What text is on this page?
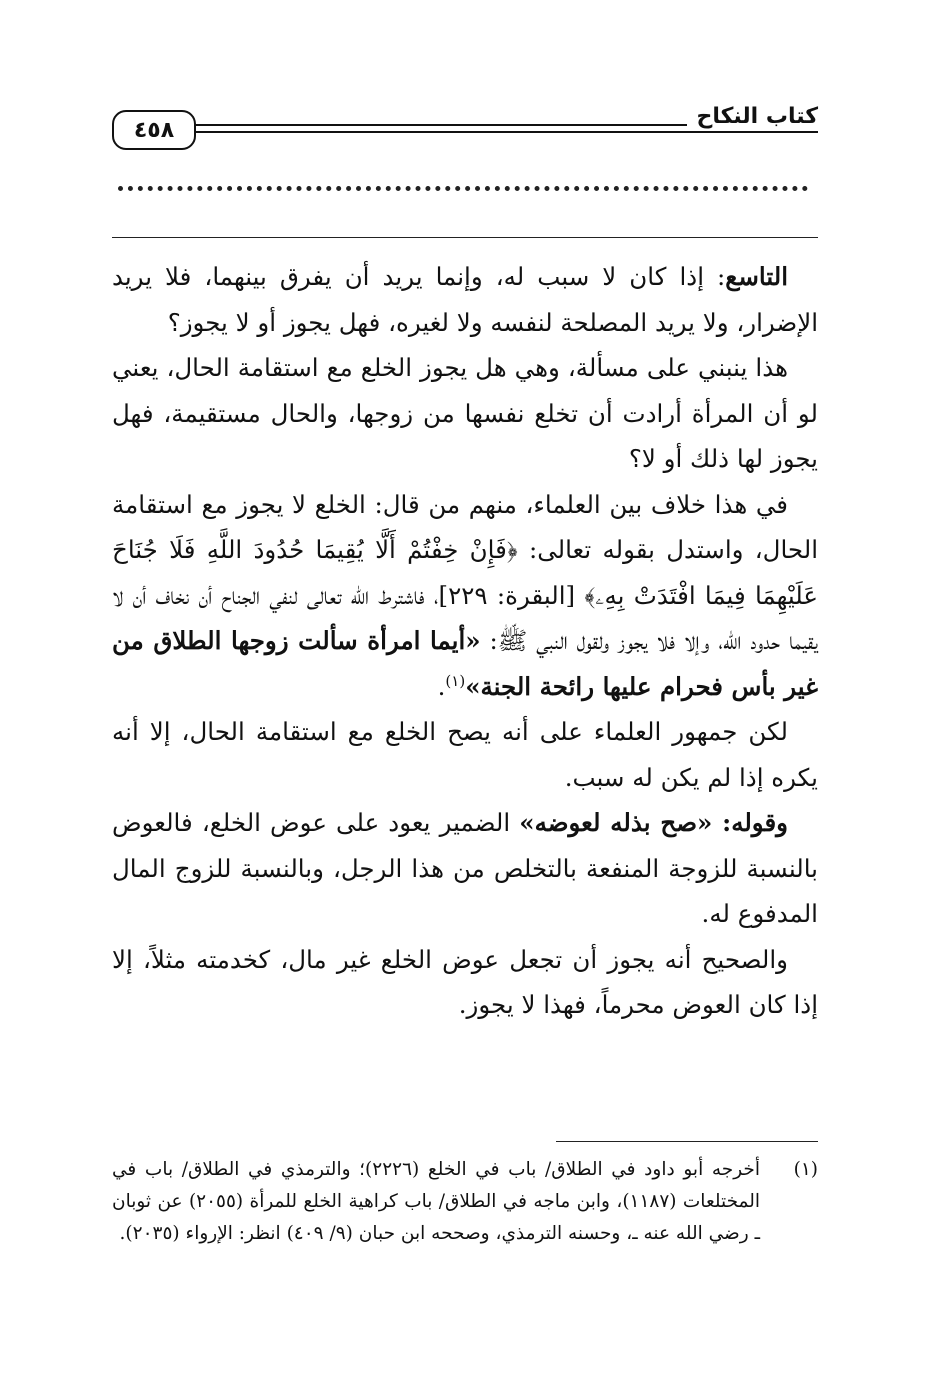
كتاب النكاح
٤٥٨

التاسع: إذا كان لا سبب له، وإنما يريد أن يفرق بينهما، فلا يريد الإضرار، ولا يريد المصلحة لنفسه ولا لغيره، فهل يجوز أو لا يجوز؟

هذا ينبني على مسألة، وهي هل يجوز الخلع مع استقامة الحال، يعني لو أن المرأة أرادت أن تخلع نفسها من زوجها، والحال مستقيمة، فهل يجوز لها ذلك أو لا؟

في هذا خلاف بين العلماء، منهم من قال: الخلع لا يجوز مع استقامة الحال، واستدل بقوله تعالى: ﴿فَإِنْ خِفْتُمْ أَلَّا يُقِيمَا حُدُودَ اللَّهِ فَلَا جُنَاحَ عَلَيْهِمَا فِيمَا افْتَدَتْ بِهِۦ﴾ [البقرة: ٢٢٩]، فاشترط الله تعالى لنفي الجناح أن نخاف أن لا يقيما حدود الله، وإلا فلا يجوز ولقول النبي ﷺ: «أيما امرأة سألت زوجها الطلاق من غير بأس فحرام عليها رائحة الجنة»$^{(١)}$.

لكن جمهور العلماء على أنه يصح الخلع مع استقامة الحال، إلا أنه يكره إذا لم يكن له سبب.

وقوله: «صح بذله لعوضه» الضمير يعود على عوض الخلع، فالعوض بالنسبة للزوجة المنفعة بالتخلص من هذا الرجل، وبالنسبة للزوج المال المدفوع له.

والصحيح أنه يجوز أن تجعل عوض الخلع غير مال، كخدمته مثلاً، إلا إذا كان العوض محرماً، فهذا لا يجوز.

(١)
أخرجه أبو داود في الطلاق/ باب في الخلع (٢٢٢٦)؛ والترمذي في الطلاق/ باب في المختلعات (١١٨٧)، وابن ماجه في الطلاق/ باب كراهية الخلع للمرأة (٢٠٥٥) عن ثوبان ـ رضي الله عنه ـ، وحسنه الترمذي، وصححه ابن حبان (٩/ ٤٠٩) انظر: الإرواء (٢٠٣٥).
